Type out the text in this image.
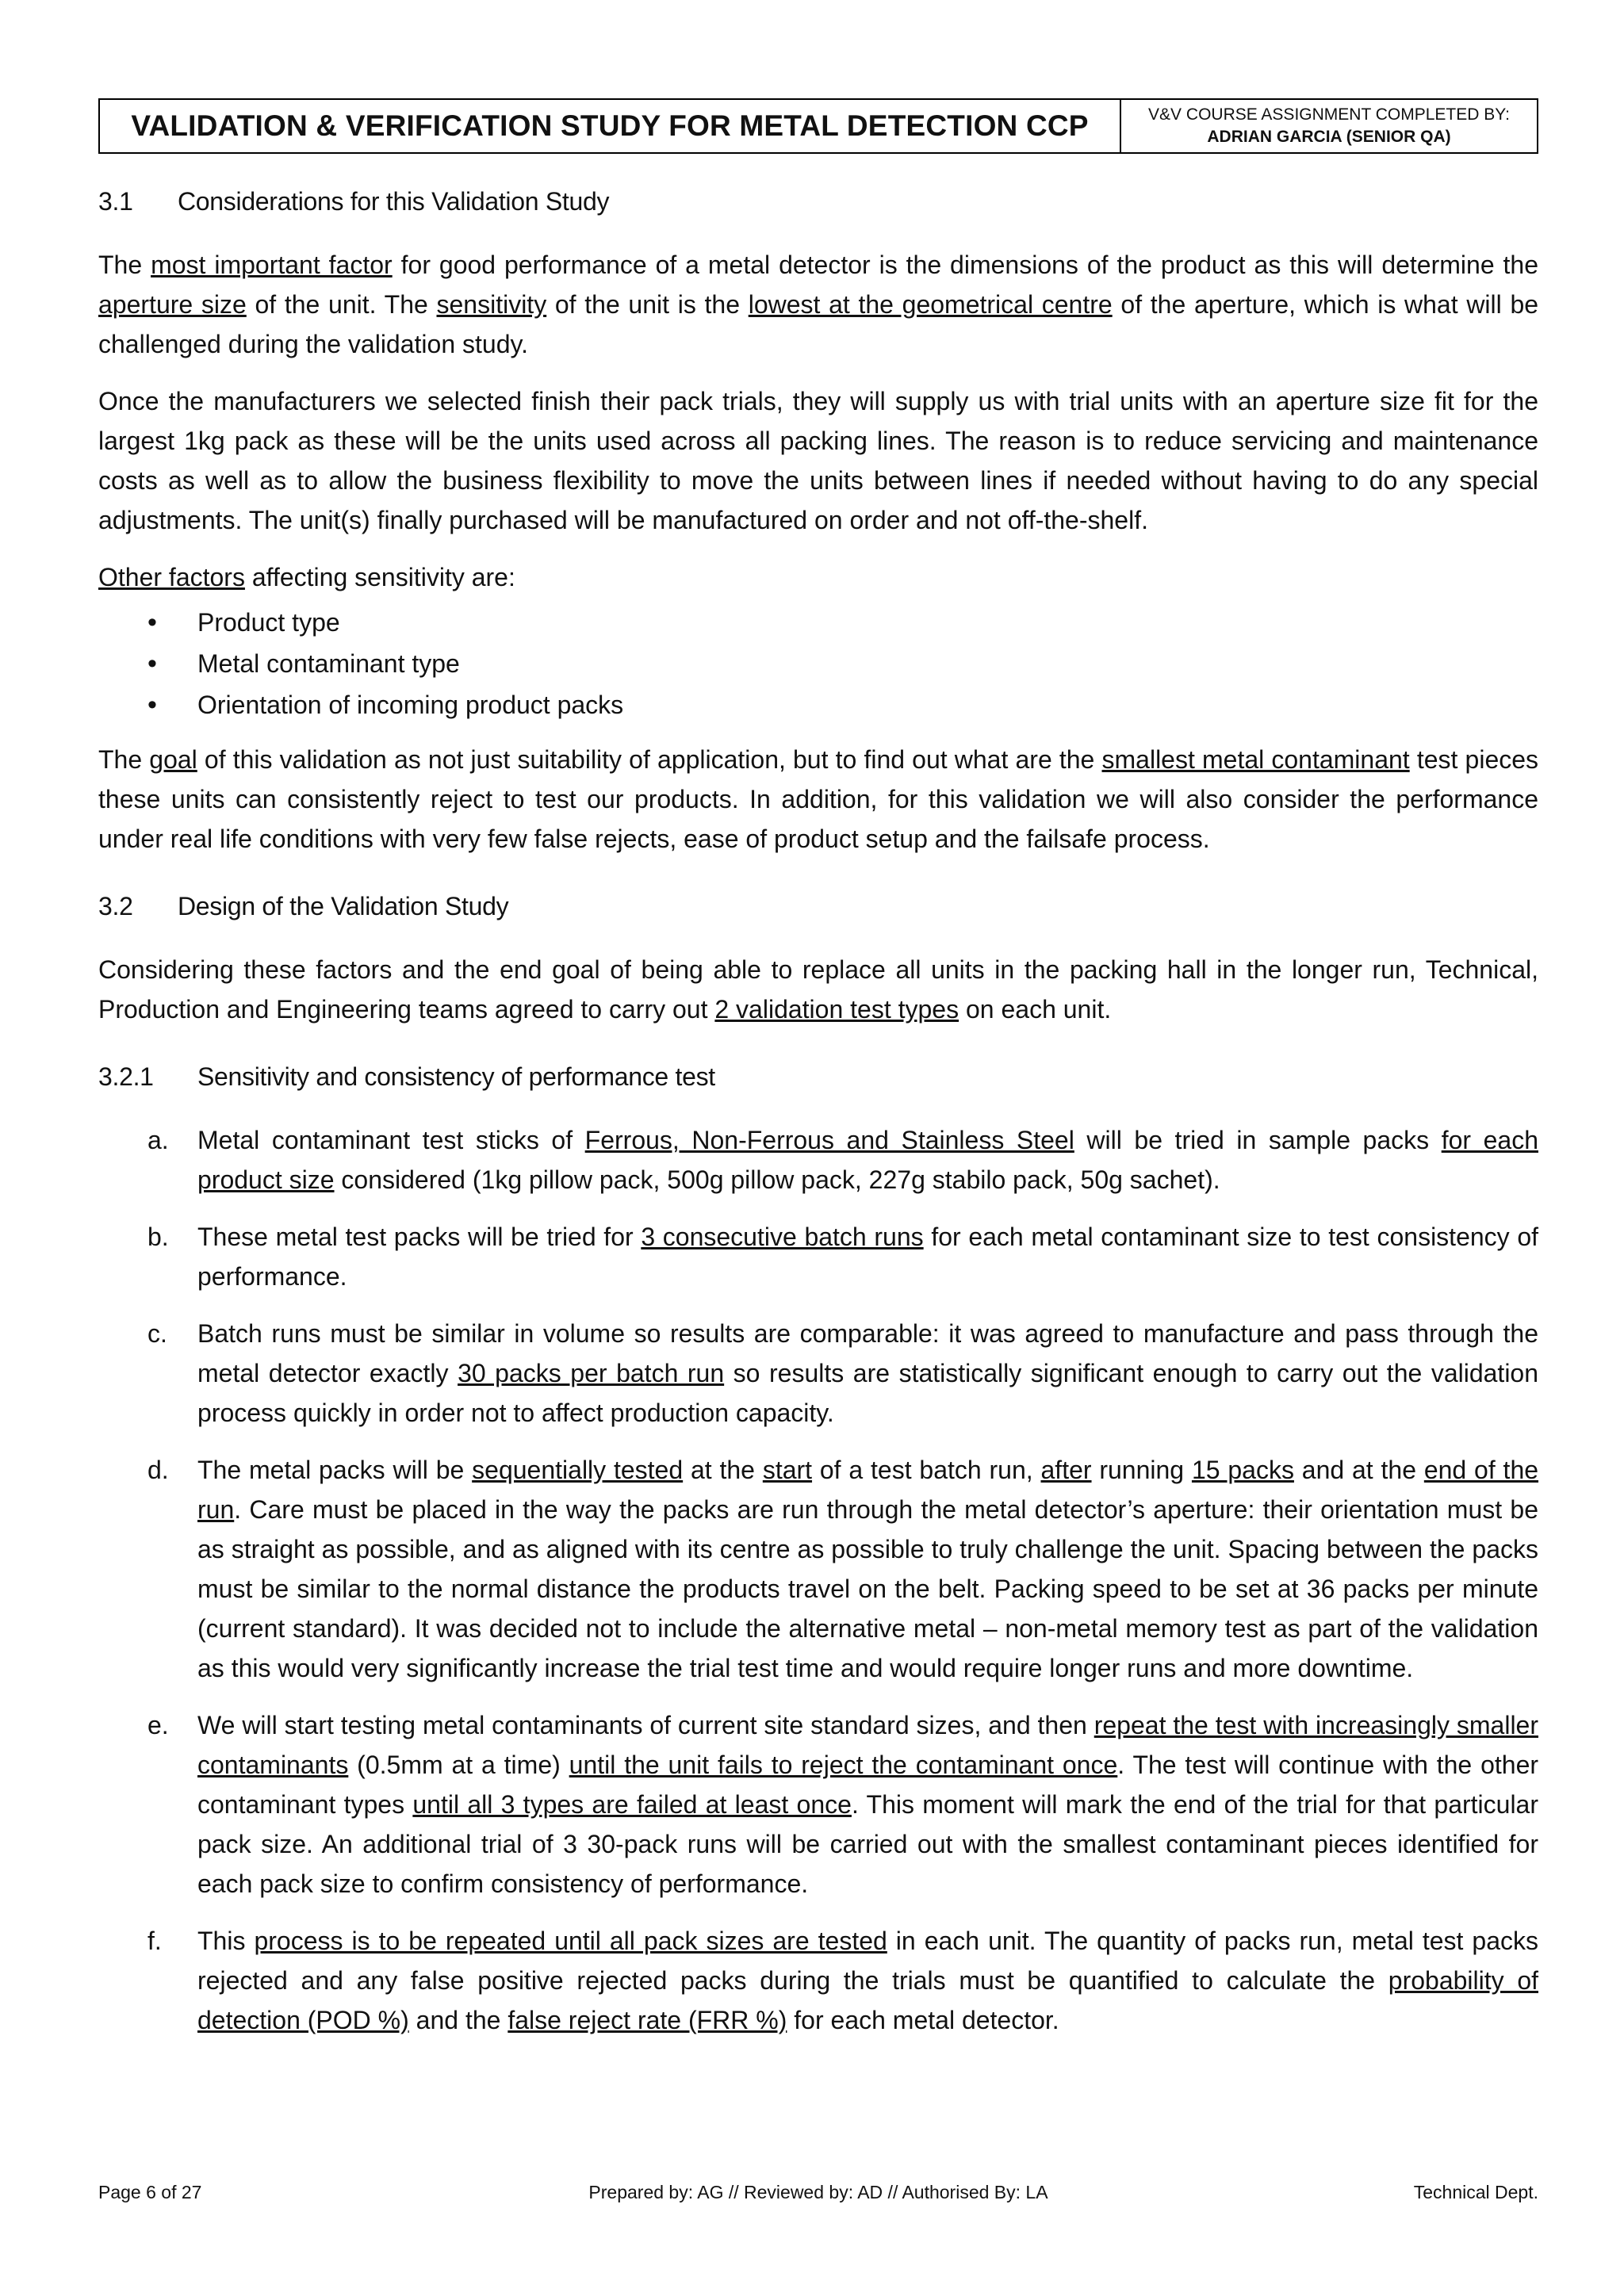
VALIDATION & VERIFICATION STUDY FOR METAL DETECTION CCP	V&V COURSE ASSIGNMENT COMPLETED BY:
ADRIAN GARCIA (SENIOR QA)
3.1	Considerations for this Validation Study

The most important factor for good performance of a metal detector is the dimensions of the product as this will determine the aperture size of the unit. The sensitivity of the unit is the lowest at the geometrical centre of the aperture, which is what will be challenged during the validation study.

Once the manufacturers we selected finish their pack trials, they will supply us with trial units with an aperture size fit for the largest 1kg pack as these will be the units used across all packing lines. The reason is to reduce servicing and maintenance costs as well as to allow the business flexibility to move the units between lines if needed without having to do any special adjustments. The unit(s) finally purchased will be manufactured on order and not off-the-shelf.

Other factors affecting sensitivity are:

• Product type
• Metal contaminant type
• Orientation of incoming product packs

The goal of this validation as not just suitability of application, but to find out what are the smallest metal contaminant test pieces these units can consistently reject to test our products. In addition, for this validation we will also consider the performance under real life conditions with very few false rejects, ease of product setup and the failsafe process.

3.2	Design of the Validation Study

Considering these factors and the end goal of being able to replace all units in the packing hall in the longer run, Technical, Production and Engineering teams agreed to carry out 2 validation test types on each unit.

3.2.1	Sensitivity and consistency of performance test
a. Metal contaminant test sticks of Ferrous, Non-Ferrous and Stainless Steel will be tried in sample packs for each product size considered (1kg pillow pack, 500g pillow pack, 227g stabilo pack, 50g sachet).
b. These metal test packs will be tried for 3 consecutive batch runs for each metal contaminant size to test consistency of performance.
c. Batch runs must be similar in volume so results are comparable: it was agreed to manufacture and pass through the metal detector exactly 30 packs per batch run so results are statistically significant enough to carry out the validation process quickly in order not to affect production capacity.
d. The metal packs will be sequentially tested at the start of a test batch run, after running 15 packs and at the end of the run. Care must be placed in the way the packs are run through the metal detector’s aperture: their orientation must be as straight as possible, and as aligned with its centre as possible to truly challenge the unit. Spacing between the packs must be similar to the normal distance the products travel on the belt. Packing speed to be set at 36 packs per minute (current standard). It was decided not to include the alternative metal – non-metal memory test as part of the validation as this would very significantly increase the trial test time and would require longer runs and more downtime.
e. We will start testing metal contaminants of current site standard sizes, and then repeat the test with increasingly smaller contaminants (0.5mm at a time) until the unit fails to reject the contaminant once. The test will continue with the other contaminant types until all 3 types are failed at least once. This moment will mark the end of the trial for that particular pack size. An additional trial of 3 30-pack runs will be carried out with the smallest contaminant pieces identified for each pack size to confirm consistency of performance.
f. This process is to be repeated until all pack sizes are tested in each unit. The quantity of packs run, metal test packs rejected and any false positive rejected packs during the trials must be quantified to calculate the probability of detection (POD %) and the false reject rate (FRR %) for each metal detector.
Page 6 of 27	Prepared by: AG // Reviewed by: AD // Authorised By: LA	Technical Dept.
